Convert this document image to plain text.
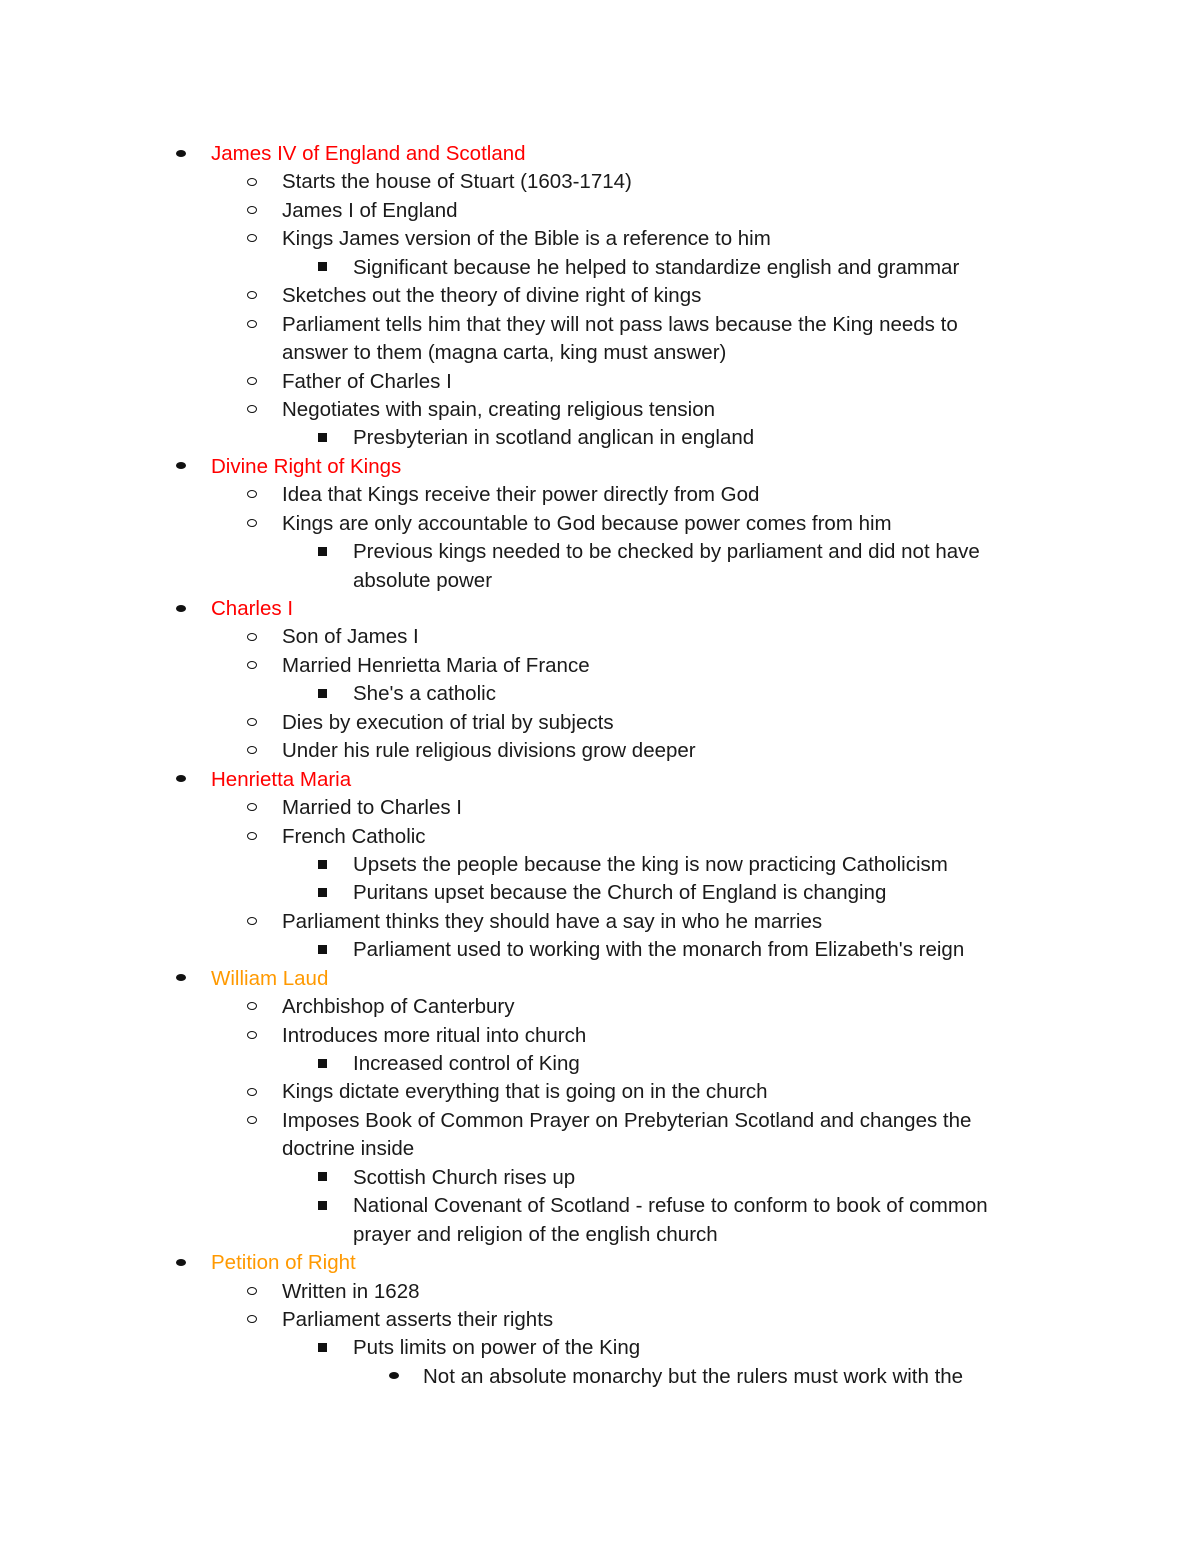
James IV of England and Scotland
Starts the house of Stuart (1603-1714)
James I of England
Kings James version of the Bible is a reference to him
Significant because he helped to standardize english and grammar
Sketches out the theory of divine right of kings
Parliament tells him that they will not pass laws because the King needs to
answer to them (magna carta, king must answer)
Father of Charles I
Negotiates with spain, creating religious tension
Presbyterian in scotland anglican in england
Divine Right of Kings
Idea that Kings receive their power directly from God
Kings are only accountable to God because power comes from him
Previous kings needed to be checked by parliament and did not have
absolute power
Charles I
Son of James I
Married Henrietta Maria of France
She's a catholic
Dies by execution of trial by subjects
Under his rule religious divisions grow deeper
Henrietta Maria
Married to Charles I
French Catholic
Upsets the people because the king is now practicing Catholicism
Puritans upset because the Church of England is changing
Parliament thinks they should have a say in who he marries
Parliament used to working with the monarch from Elizabeth's reign
William Laud
Archbishop of Canterbury
Introduces more ritual into church
Increased control of King
Kings dictate everything that is going on in the church
Imposes Book of Common Prayer on Prebyterian Scotland and changes the
doctrine inside
Scottish Church rises up
National Covenant of Scotland - refuse to conform to book of common
prayer and religion of the english church
Petition of Right
Written in 1628
Parliament asserts their rights
Puts limits on power of the King
Not an absolute monarchy but the rulers must work with the
